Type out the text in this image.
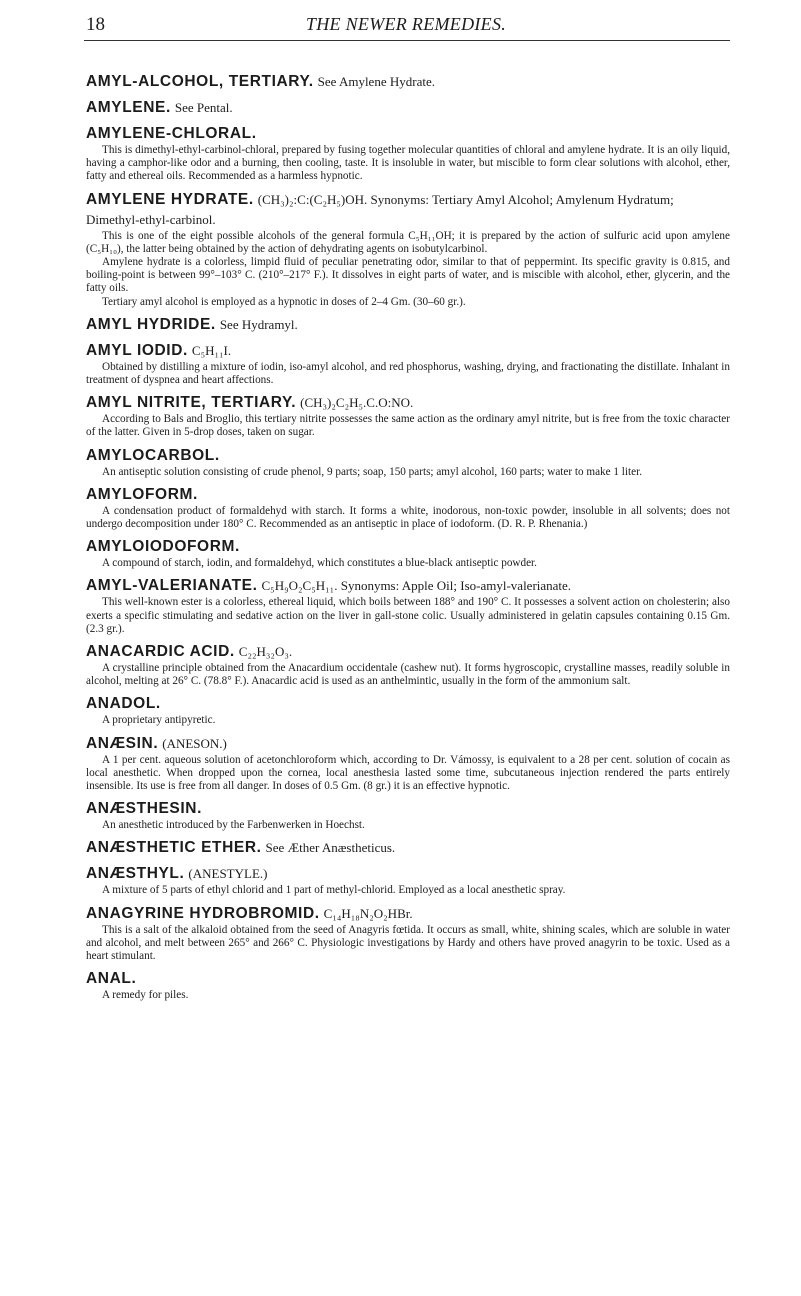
18	THE NEWER REMEDIES.
AMYL-ALCOHOL, TERTIARY. See Amylene Hydrate.
AMYLENE. See Pental.
AMYLENE-CHLORAL.

This is dimethyl-ethyl-carbinol-chloral, prepared by fusing together molecular quantities of chloral and amylene hydrate. It is an oily liquid, having a camphor-like odor and a burning, then cooling, taste. It is insoluble in water, but miscible to form clear solutions with alcohol, ether, fatty and ethereal oils. Recommended as a harmless hypnotic.

AMYLENE HYDRATE. (CH₃)₂:C:(C₂H₅)OH. Synonyms: Tertiary Amyl Alcohol; Amylenum Hydratum; Dimethyl-ethyl-carbinol.

This is one of the eight possible alcohols of the general formula C₅H₁₁OH; it is prepared by the action of sulfuric acid upon amylene (C₅H₁₀), the latter being obtained by the action of dehydrating agents on isobutylcarbinol.

Amylene hydrate is a colorless, limpid fluid of peculiar penetrating odor, similar to that of peppermint. Its specific gravity is 0.815, and boiling-point is between 99°–103° C. (210°–217° F.). It dissolves in eight parts of water, and is miscible with alcohol, ether, glycerin, and the fatty oils.

Tertiary amyl alcohol is employed as a hypnotic in doses of 2–4 Gm. (30–60 gr.).

AMYL HYDRIDE. See Hydramyl.
AMYL IODID. C₅H₁₁I.

Obtained by distilling a mixture of iodin, iso-amyl alcohol, and red phosphorus, washing, drying, and fractionating the distillate. Inhalant in treatment of dyspnea and heart affections.

AMYL NITRITE, TERTIARY. (CH₃)₂C₂H₅.C.O:NO.

According to Bals and Broglio, this tertiary nitrite possesses the same action as the ordinary amyl nitrite, but is free from the toxic character of the latter. Given in 5-drop doses, taken on sugar.

AMYLOCARBOL.

An antiseptic solution consisting of crude phenol, 9 parts; soap, 150 parts; amyl alcohol, 160 parts; water to make 1 liter.

AMYLOFORM.

A condensation product of formaldehyd with starch. It forms a white, inodorous, non-toxic powder, insoluble in all solvents; does not undergo decomposition under 180° C. Recommended as an antiseptic in place of iodoform. (D. R. P. Rhenania.)

AMYLOIODOFORM.

A compound of starch, iodin, and formaldehyd, which constitutes a blue-black antiseptic powder.

AMYL-VALERIANATE. C₅H₉O₂C₅H₁₁. Synonyms: Apple Oil; Iso-amyl-valerianate.

This well-known ester is a colorless, ethereal liquid, which boils between 188° and 190° C. It possesses a solvent action on cholesterin; also exerts a specific stimulating and sedative action on the liver in gall-stone colic. Usually administered in gelatin capsules containing 0.15 Gm. (2.3 gr.).

ANACARDIC ACID. C₂₂H₃₂O₃.

A crystalline principle obtained from the Anacardium occidentale (cashew nut). It forms hygroscopic, crystalline masses, readily soluble in alcohol, melting at 26° C. (78.8° F.). Anacardic acid is used as an anthelmintic, usually in the form of the ammonium salt.

ANADOL.

A proprietary antipyretic.

ANÆSIN. (ANESON.)

A 1 per cent. aqueous solution of acetonchloroform which, according to Dr. Vámossy, is equivalent to a 28 per cent. solution of cocain as local anesthetic. When dropped upon the cornea, local anesthesia lasted some time, subcutaneous injection rendered the parts entirely insensible. Its use is free from all danger. In doses of 0.5 Gm. (8 gr.) it is an effective hypnotic.

ANÆSTHESIN.

An anesthetic introduced by the Farbenwerken in Hoechst.

ANÆSTHETIC ETHER. See Æther Anæstheticus.
ANÆSTHYL. (ANESTYLE.)

A mixture of 5 parts of ethyl chlorid and 1 part of methyl-chlorid. Employed as a local anesthetic spray.

ANAGYRINE HYDROBROMID. C₁₄H₁₈N₂O₂HBr.

This is a salt of the alkaloid obtained from the seed of Anagyris fœtida. It occurs as small, white, shining scales, which are soluble in water and alcohol, and melt between 265° and 266° C. Physiologic investigations by Hardy and others have proved anagyrin to be toxic. Used as a heart stimulant.

ANAL.

A remedy for piles.
